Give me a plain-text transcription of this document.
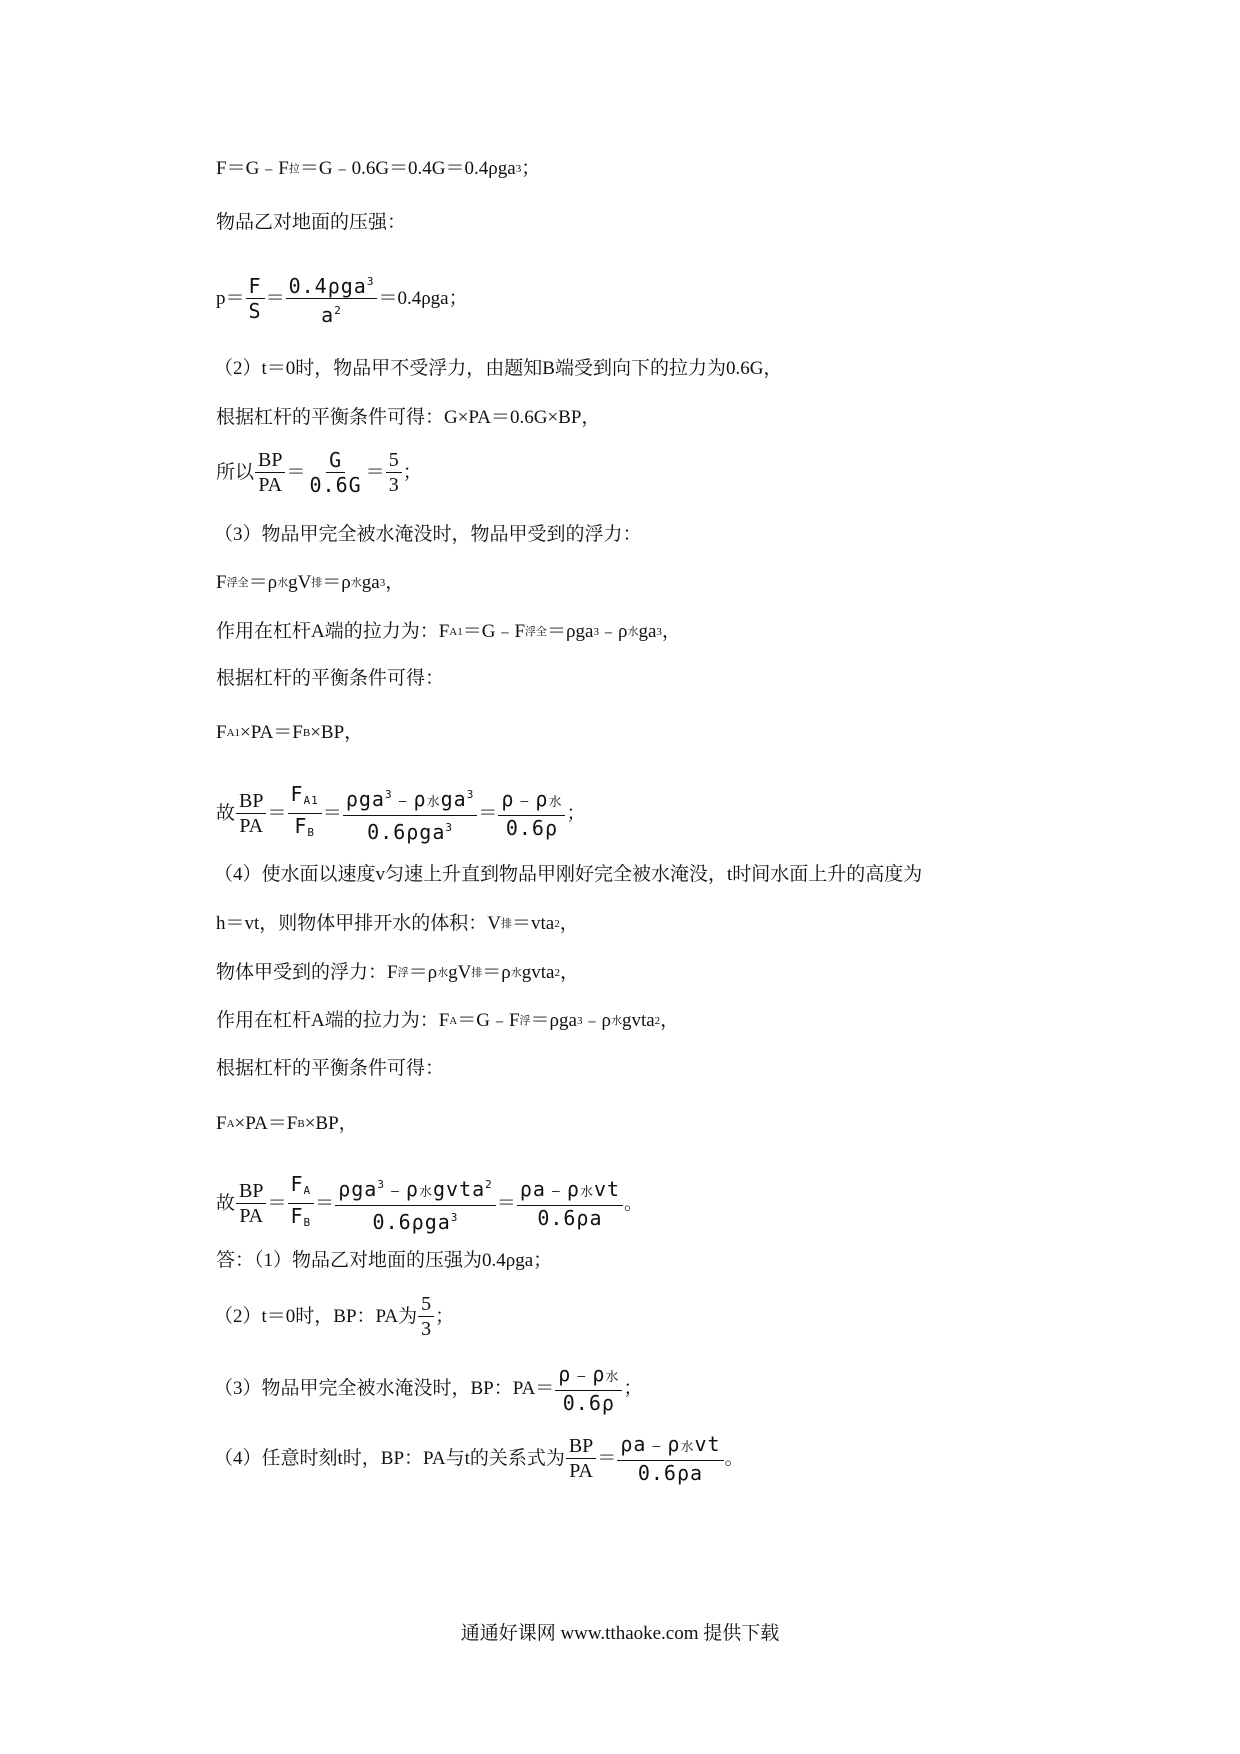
F＝G﹣F 拉 ＝G﹣0.6G＝0.4G＝0.4ρga 3 ；
物品乙对地面的压强：
$p= \frac{F}{S} = \frac{0.4\rho ga^3}{a^2} =0.4\rho ga$；
（2）t＝0时，物品甲不受浮力，由题知B端受到向下的拉力为0.6G，
根据杠杆的平衡条件可得：G×PA＝0.6G×BP，
所以 $\frac{BP}{PA} = \frac{G}{0.6G} = \frac{5}{3}$ ；
（3）物品甲完全被水淹没时，物品甲受到的浮力：
F 浮全 ＝ρ 水 gV 排 ＝ρ 水 ga 3 ，
作用在杠杆A端的拉力为：F A1 ＝G﹣F 浮全 ＝ρga 3 ﹣ρ 水 ga 3 ，
根据杠杆的平衡条件可得：
F A1 ×PA＝F B ×BP，
故 $\frac{BP}{PA} = \frac{F_{A1}}{F_B} = \frac{\rho ga^3﹣\rho 水ga^3}{0.6\rho ga^3} = \frac{\text{ρ﹣ρ水}}{0.6\rho}$ ；
（4）使水面以速度v匀速上升直到物品甲刚好完全被水淹没，t时间水面上升的高度为
h＝vt，则物体甲排开水的体积：V 排 ＝vta 2 ，
物体甲受到的浮力：F 浮 ＝ρ 水 gV 排 ＝ρ 水 gvta 2 ，
作用在杠杆A端的拉力为：F A ＝G﹣F 浮 ＝ρga 3 ﹣ρ 水 gvta 2 ，
根据杠杆的平衡条件可得：
F A ×PA＝F B ×BP，
故 $\frac{BP}{PA} = \frac{F_A}{F_B} = \frac{\rho ga^3﹣\rho 水gvta^2}{0.6\rho ga^3} = \frac{\text{ρa﹣ρ水vt}}{0.6\rho a}$ 。
答：（1）物品乙对地面的压强为0.4ρga；
（2）t＝0时，BP：PA为 $\frac{5}{3}$ ；
（3）物品甲完全被水淹没时，BP：$PA= \frac{\text{ρ﹣ρ水}}{0.6\rho}$ ；
（4）任意时刻t时，BP：PA与t的关系式为 $\frac{BP}{PA} = \frac{\text{ρa﹣ρ水vt}}{0.6\rho a}$ 。
通通好课网 www.tthaoke.com 提供下载
